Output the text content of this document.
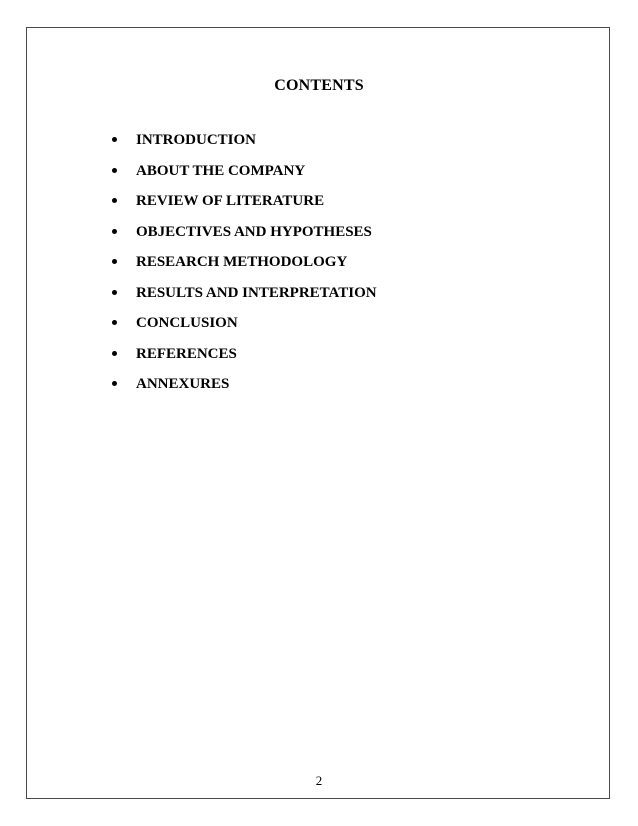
CONTENTS
INTRODUCTION
ABOUT THE COMPANY
REVIEW OF LITERATURE
OBJECTIVES AND HYPOTHESES
RESEARCH METHODOLOGY
RESULTS AND INTERPRETATION
CONCLUSION
REFERENCES
ANNEXURES
2
